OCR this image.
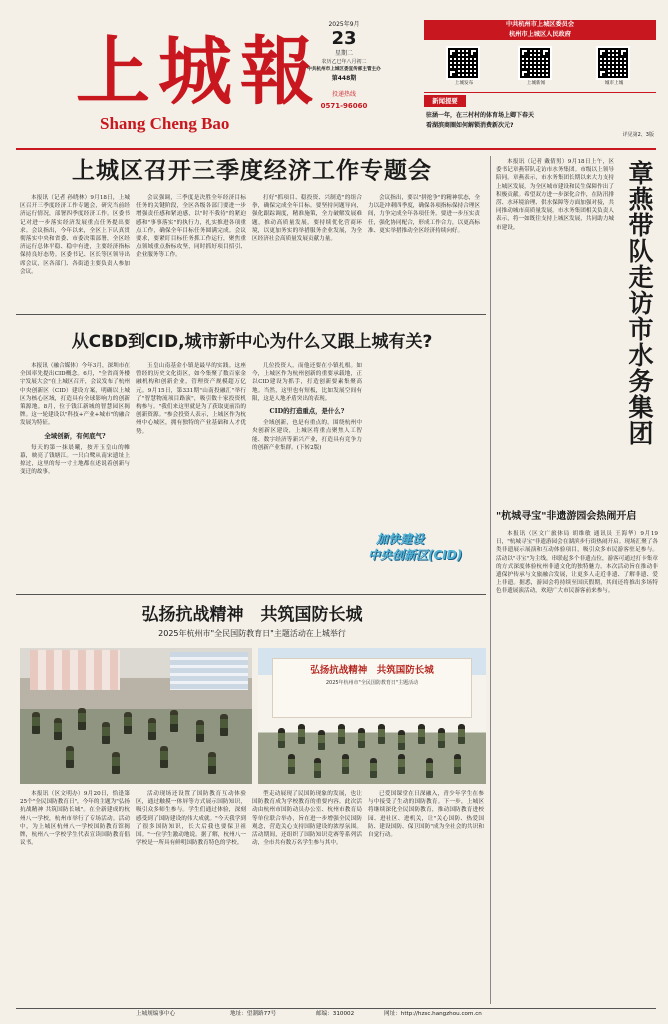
上城報
Shang Cheng Bao
2025年9月
23
星期二
农历乙巳年八月初二
中共杭州市上城区委宣传部主管主办
第448期
投递热线
0571-96060
中共杭州市上城区委员会
杭州市上城区人民政府
上城发布	上城新闻	城市上城
新闻提要
驻涵一年，在三村村的体育场上卿下春天
看湖滨商圈如何解锁消费新次元?
详见第2、3版
上城区召开三季度经济工作专题会

本报讯（记者 孙晓林）9月18日，上城区召开三季度经济工作专题会，研究当前经济运行情况，部署四季度经济工作。区委书记对进一步落实经济发展重点任务提出要求。会议指出，今年以来，全区上下认真贯彻落实中央和省委、市委决策部署，全区经济运行总体平稳、稳中有进，主要经济指标保持良好态势。区委书记、区长等区领导出席会议，区各部门、各街道主要负责人参加会议。

会议强调，三季度是决胜全年经济目标任务的关键阶段，全区各级各部门要进一步增强责任感和紧迫感，以"时不我待"的紧迫感和"事事落实"的执行力，扎实推进各项重点工作，确保全年目标任务圆满完成。会议要求，要紧盯目标任务抓工作运行，聚焦重点领域重点指标攻坚，同时抓好项目招引、企业服务等工作。

打好"抓项目、稳投资、兴制造"的组合拳，确保完成全年目标。要坚持问题导向，强化跟踪调度，精准施策，全力破解发展难题，推动高质量发展。要持续优化营商环境，以更加务实的举措服务企业发展，为全区经济社会高质量发展贡献力量。

会议指出，要以"拼抢争"的精神状态，全力以赴冲刺四季度，确保各项指标保持合理区间，力争完成全年各项任务。要进一步压实责任，强化协同配合，形成工作合力，以更高标准、更实举措推动全区经济持续向好。

本报讯（记者 戴倩男）9月18日上午，区委书记章燕带队走访市水务集团。市级以上领导陪同。章燕表示，市水务集团长期以来大力支持上城区发展，为全区城市建设和民生保障作出了积极贡献。希望双方进一步深化合作，在防汛排涝、水环境治理、供水保障等方面加强对接，共同推动城市高质量发展。市水务集团相关负责人表示，将一如既往支持上城区发展，共同助力城市建设。	章燕带队走访市水务集团
"杭城寻宝"非遗游园会热闹开启

本报讯（区文广旅体局 胡维敏 通讯员 王海华）9月19日，"杭城寻宝"非遗游园会在湖滨步行街热闹开启。现场汇聚了各类非遗展示展演和互动体验项目，吸引众多市民游客驻足参与。活动以"寻宝"为主线，串联起多个非遗点位，游客可通过打卡集章的方式深度体验杭州非遗文化的独特魅力。本次活动旨在推动非遗保护传承与文旅融合发展，让更多人走近非遗、了解非遗、爱上非遗。据悉，游园会将持续至国庆假期，其间还将推出多场特色非遗展演活动，欢迎广大市民游客前来参与。

从CBD到CID,城市新中心为什么又跟上城有关?

本报讯（融合媒体）今年3月，深圳市在全国率先提出CID概念。6月，"全省商务楼宇发展大会"在上城区召开，会议发布了杭州中央创新区（CID）建设方案，明确以上城区为核心区域，打造具有全球影响力的创新策源地。8月，位于钱江新城的智慧园区揭牌。这一轮建设以"科技+产业+城市"的融合发展为特征。

全域创新，有何底气?

每天的第一抹晨曦，按开玉皇山的帷幕，映亮了钱塘江。一只白鹭从南宋遗址上掠过，这里的每一寸土地都在述说着创新与变迁的故事。

玉皇山南基金小镇是最早的实践。这座曾经的历史文化街区，如今集聚了数百家金融机构和创新企业，管理资产规模超万亿元。9月15日，第331期"山南投融汇"举行了"智慧物流项目路演"，吸引数十家投资机构参与。"我们来这里就是为了获取更前沿的创新资源。"参会投资人表示，上城区作为杭州中心城区，拥有独特的产业基础和人才优势。

几位投资人，而他还要在小镇扎根。如今，上城区作为杭州创新的重要承载地，正以CID建设为抓手，打造创新要素集聚高地。当然，这里也有短板，比如发展空间有限，这是人地矛盾突出的表现。

CID的打造重点，是什么?

全域创新，也是有重点的。围绕杭州中央创新区建设，上城区将重点聚焦人工智能、数字经济等新兴产业，打造具有竞争力的创新产业集群。(下转2版)

加快建设
中央创新区(CID)
弘扬抗战精神　共筑国防长城
2025年杭州市"全民国防教育日"主题活动在上城举行
弘扬抗战精神　共筑国防长城
2025年杭州市"全民国防教育日"主题活动

本报讯（区文明办）9月20日，恰逢第25个"全民国防教育日"，今年的主题为"弘扬抗战精神 共筑国防长城"。在全新建成的杭州八一学校，杭州市举行了专场活动。活动中，为上城区杭州八一学校国防教育馆揭牌，杭州八一学校学生代表宣读国防教育倡议书。

活动现场还设置了国防教育互动体验区，通过触摸一体屏等方式展示国防知识，吸引众多师生参与。学生们通过体验，深刻感受到了国防建设的伟大成就。"今天我学到了很多国防知识，长大后我也要保卫祖国。"一位学生激动地说。据了解，杭州八一学校是一所具有鲜明国防教育特色的学校。

型走动展现了民国防现象的发展，也让国防教育成为学校教育的重要内容。此次活动由杭州市国防动员办公室、杭州市教育局等单位联合举办，旨在进一步增强全民国防观念，营造关心支持国防建设的浓厚氛围。活动期间，还组织了国防知识竞赛等系列活动，全市共有数万名学生参与其中。

已爱国课堂在日深融入，青少年学生在参与中接受了生动的国防教育。下一步，上城区将继续深化全民国防教育，推动国防教育进校园、进社区、进机关，让"关心国防、热爱国防、建设国防、保卫国防"成为全社会的共识和自觉行动。

上城规编事中心	地址：望潮路77号	邮编：310002	网址：http://hzsc.hangzhou.com.cn
